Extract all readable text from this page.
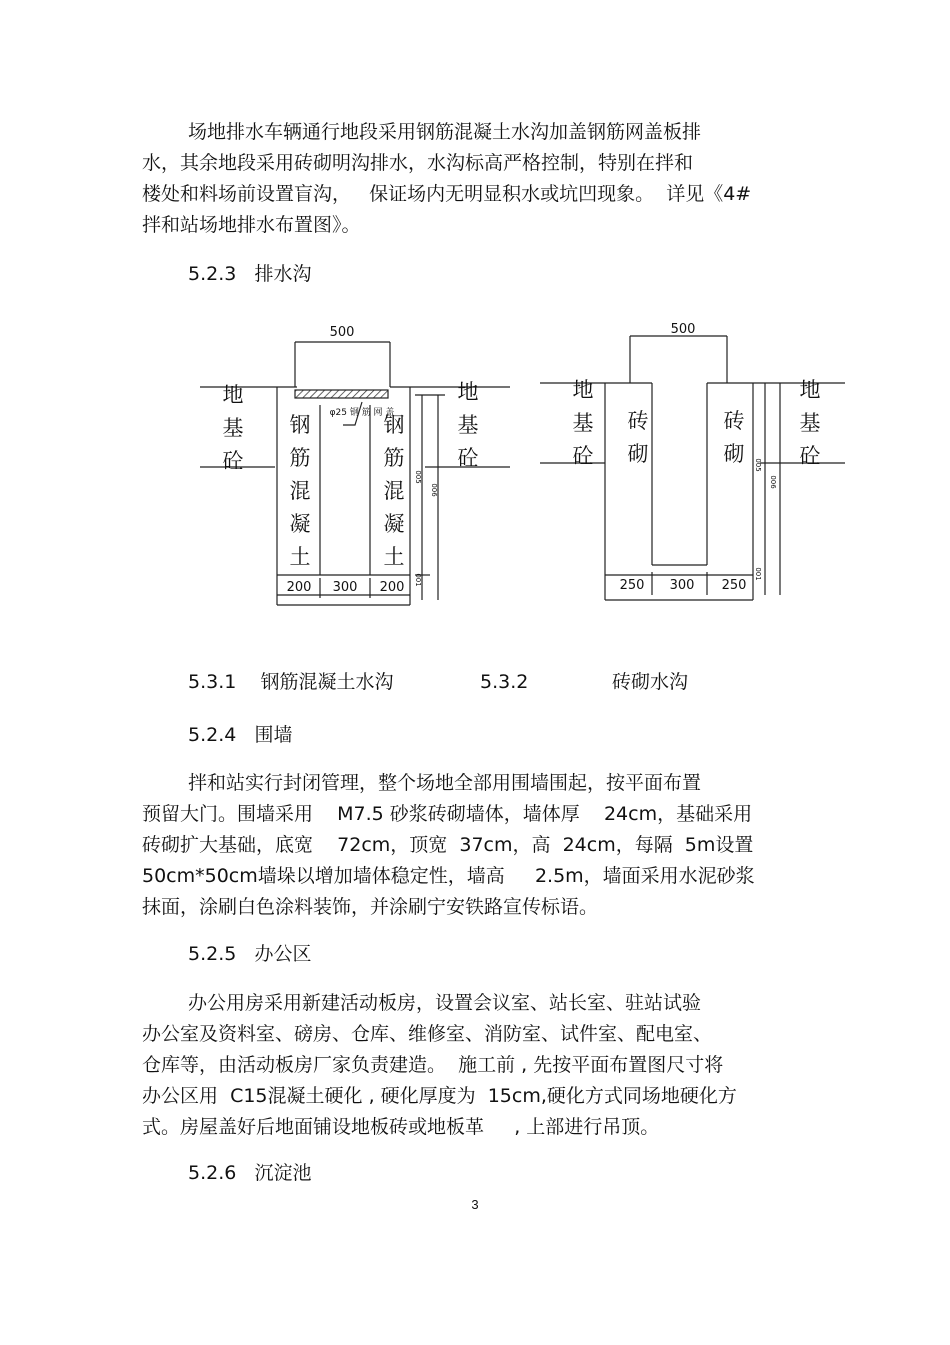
场地排水车辆通行地段采用钢筋混凝土水沟加盖钢筋网盖板排
水，其余地段采用砖砌明沟排水，水沟标高严格控制，特别在拌和
楼处和料场前设置盲沟，   保证场内无明显积水或坑凹现象。  详见《4#
拌和站场地排水布置图》。
5.2.3   排水沟
500
φ25 钢 筋 网 盖
地
基
砼
地
基
砼
钢
筋
混
凝
土
钢
筋
混
凝
土
200 300 200
005
006
001
500
地
基
砼
地
基
砼
砖
砌
砖
砌
250 300 250
005
006
001
5.3.1    钢筋混凝土水沟	5.3.2	砖砌水沟
5.2.4   围墙
拌和站实行封闭管理，整个场地全部用围墙围起，按平面布置
预留大门。围墙采用    M7.5 砂浆砖砌墙体，墙体厚    24cm，基础采用
砖砌扩大基础，底宽    72cm，顶宽  37cm，高  24cm，每隔  5m设置
50cm*50cm墙垛以增加墙体稳定性，墙高     2.5m，墙面采用水泥砂浆
抹面，涂刷白色涂料装饰，并涂刷宁安铁路宣传标语。
5.2.5   办公区
办公用房采用新建活动板房，设置会议室、站长室、驻站试验
办公室及资料室、磅房、仓库、维修室、消防室、试件室、配电室、
仓库等，由活动板房厂家负责建造。  施工前 , 先按平面布置图尺寸将
办公区用  C15混凝土硬化 , 硬化厚度为  15cm,硬化方式同场地硬化方
式。房屋盖好后地面铺设地板砖或地板革     , 上部进行吊顶。
5.2.6   沉淀池
3
